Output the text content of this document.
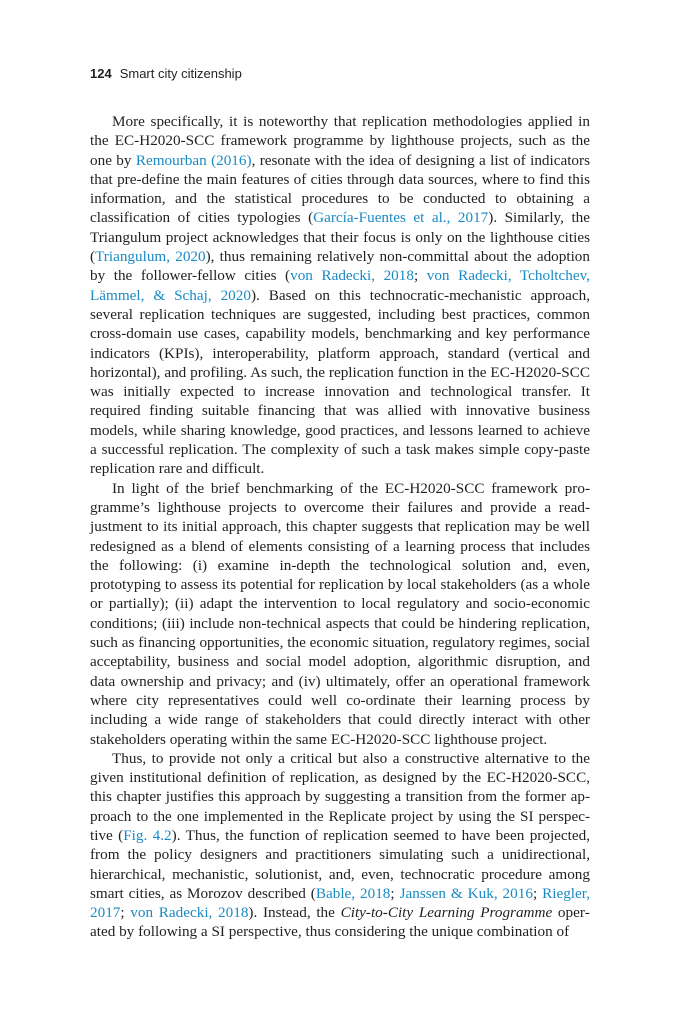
124 Smart city citizenship

More specifically, it is noteworthy that replication methodologies applied in the EC-H2020-SCC framework programme by lighthouse projects, such as the one by Remourban (2016), resonate with the idea of designing a list of indicators that pre-define the main features of cities through data sources, where to find this information, and the statistical procedures to be conducted to obtaining a classification of cities typologies (García-Fuentes et al., 2017). Similarly, the Triangulum project acknowledges that their focus is only on the lighthouse cities (Triangulum, 2020), thus remaining relatively non-committal about the adoption by the follower-fellow cities (von Radecki, 2018; von Radecki, Tcholtchev, Lämmel, & Schaj, 2020). Based on this technocratic-mechanistic approach, several replication techniques are suggested, including best practices, common cross-domain use cases, capability models, benchmarking and key performance indicators (KPIs), interoperability, platform approach, standard (vertical and horizontal), and profiling. As such, the replication function in the EC-H2020-SCC was initially expected to increase innovation and technological transfer. It required finding suitable financing that was allied with innovative business models, while sharing knowledge, good practices, and lessons learned to achieve a successful replication. The complexity of such a task makes simple copy-paste replication rare and difficult.

In light of the brief benchmarking of the EC-H2020-SCC framework programme’s lighthouse projects to overcome their failures and provide a readjustment to its initial approach, this chapter suggests that replication may be well redesigned as a blend of elements consisting of a learning process that includes the following: (i) examine in-depth the technological solution and, even, prototyping to assess its potential for replication by local stakeholders (as a whole or partially); (ii) adapt the intervention to local regulatory and socio-economic conditions; (iii) include non-technical aspects that could be hindering replication, such as financing opportunities, the economic situation, regulatory regimes, social acceptability, business and social model adoption, algorithmic disruption, and data ownership and privacy; and (iv) ultimately, offer an operational framework where city representatives could well co-ordinate their learning process by including a wide range of stakeholders that could directly interact with other stakeholders operating within the same EC-H2020-SCC lighthouse project.

Thus, to provide not only a critical but also a constructive alternative to the given institutional definition of replication, as designed by the EC-H2020-SCC, this chapter justifies this approach by suggesting a transition from the former approach to the one implemented in the Replicate project by using the SI perspective (Fig. 4.2). Thus, the function of replication seemed to have been projected, from the policy designers and practitioners simulating such a unidirectional, hierarchical, mechanistic, solutionist, and, even, technocratic procedure among smart cities, as Morozov described (Bable, 2018; Janssen & Kuk, 2016; Riegler, 2017; von Radecki, 2018). Instead, the City-to-City Learning Programme operated by following a SI perspective, thus considering the unique combination of
